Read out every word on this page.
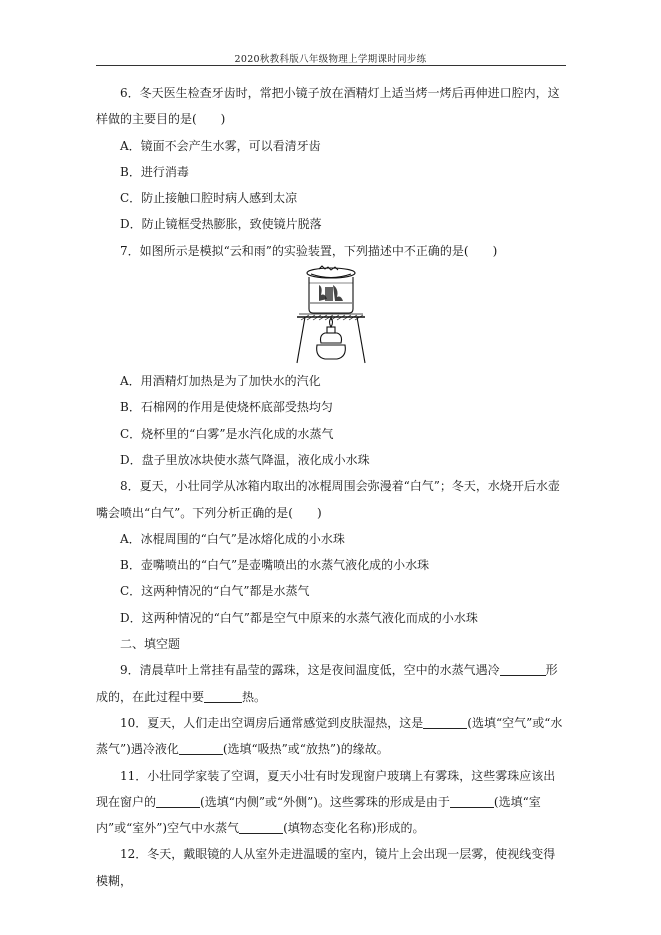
2020秋教科版八年级物理上学期课时同步练
6．冬天医生检查牙齿时，常把小镜子放在酒精灯上适当烤一烤后再伸进口腔内，这样做的主要目的是(　　)
A．镜面不会产生水雾，可以看清牙齿
B．进行消毒
C．防止接触口腔时病人感到太凉
D．防止镜框受热膨胀，致使镜片脱落
7．如图所示是模拟“云和雨”的实验装置，下列描述中不正确的是(　　)
A．用酒精灯加热是为了加快水的汽化
B．石棉网的作用是使烧杯底部受热均匀
C．烧杯里的“白雾”是水汽化成的水蒸气
D．盘子里放冰块使水蒸气降温，液化成小水珠
8．夏天，小壮同学从冰箱内取出的冰棍周围会弥漫着“白气”；冬天，水烧开后水壶嘴会喷出“白气”。下列分析正确的是(　　)
A．冰棍周围的“白气”是冰熔化成的小水珠
B．壶嘴喷出的“白气”是壶嘴喷出的水蒸气液化成的小水珠
C．这两种情况的“白气”都是水蒸气
D．这两种情况的“白气”都是空气中原来的水蒸气液化而成的小水珠
二、填空题
9．清晨草叶上常挂有晶莹的露珠，这是夜间温度低，空中的水蒸气遇冷	形成的，在此过程中要	热。
10．夏天，人们走出空调房后通常感觉到皮肤湿热，这是	(选填“空气”或“水蒸气”)遇冷液化	(选填“吸热”或“放热”)的缘故。
11．小壮同学家装了空调，夏天小壮有时发现窗户玻璃上有雾珠，这些雾珠应该出现在窗户的	(选填“内侧”或“外侧”)。这些雾珠的形成是由于	(选填“室内”或“室外”)空气中水蒸气	(填物态变化名称)形成的。
12．冬天，戴眼镜的人从室外走进温暖的室内，镜片上会出现一层雾，使视线变得模糊，
